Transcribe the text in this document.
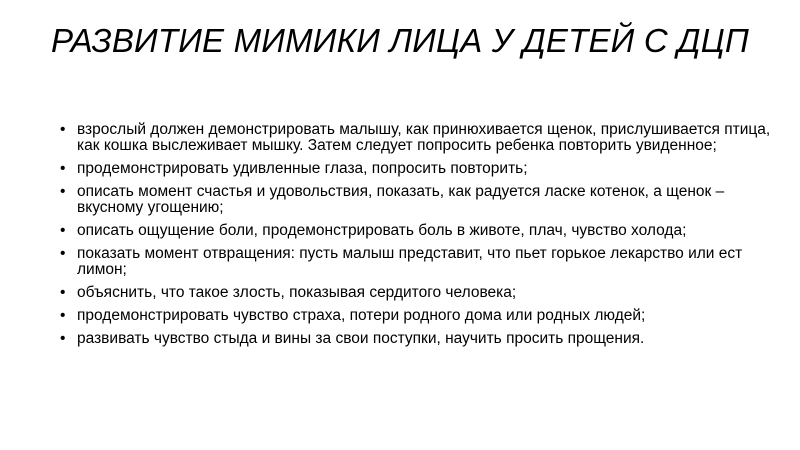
РАЗВИТИЕ МИМИКИ ЛИЦА У ДЕТЕЙ С ДЦП
• взрослый должен демонстрировать малышу, как принюхивается щенок, прислушивается птица, как кошка выслеживает мышку. Затем следует попросить ребенка повторить увиденное;
• продемонстрировать удивленные глаза, попросить повторить;
• описать момент счастья и удовольствия, показать, как радуется ласке котенок, а щенок – вкусному угощению;
• описать ощущение боли, продемонстрировать боль в животе, плач, чувство холода;
• показать момент отвращения: пусть малыш представит, что пьет горькое лекарство или ест лимон;
• объяснить, что такое злость, показывая сердитого человека;
• продемонстрировать чувство страха, потери родного дома или родных людей;
• развивать чувство стыда и вины за свои поступки, научить просить прощения.
